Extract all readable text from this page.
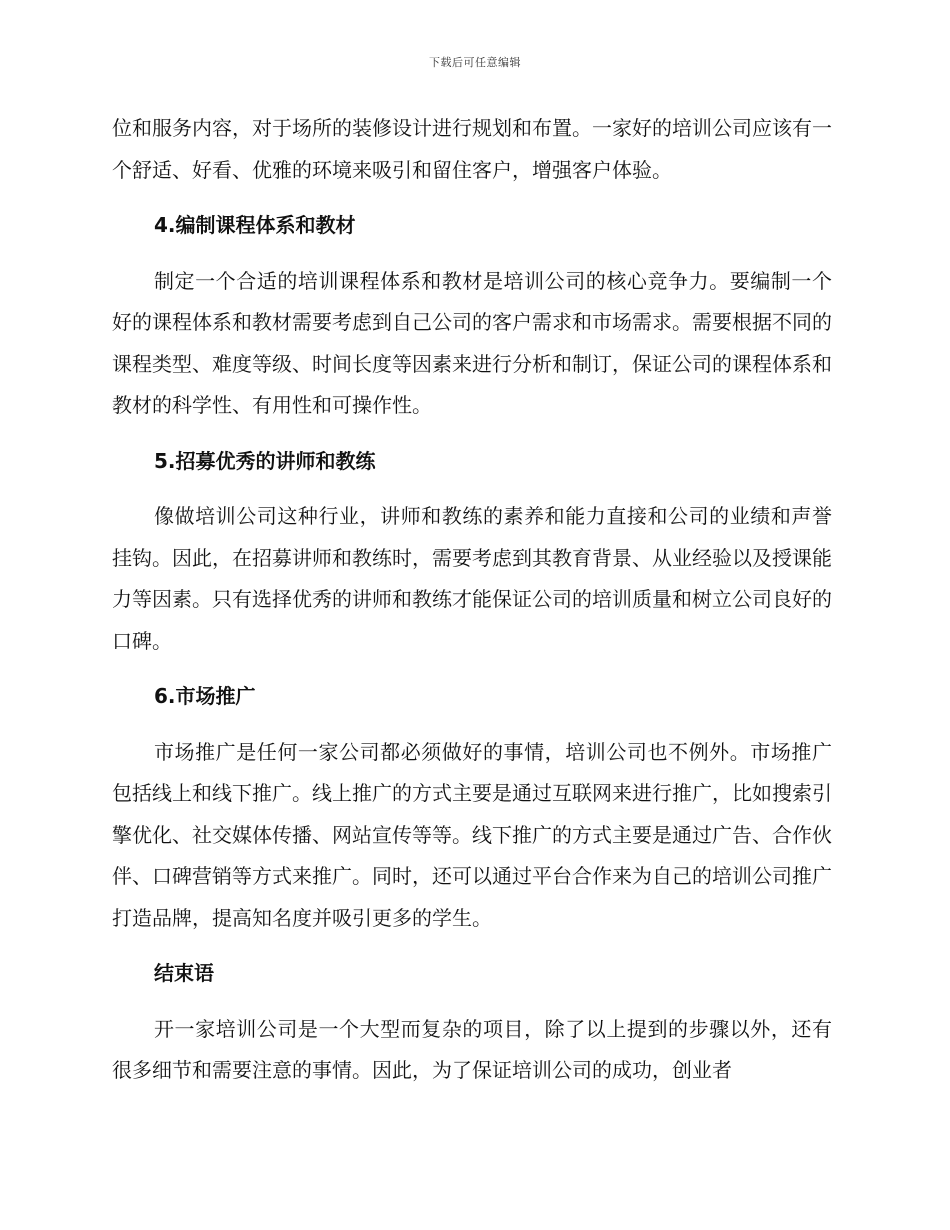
下载后可任意编辑

位和服务内容，对于场所的装修设计进行规划和布置。一家好的培训公司应该有一个舒适、好看、优雅的环境来吸引和留住客户，增强客户体验。

4.编制课程体系和教材

制定一个合适的培训课程体系和教材是培训公司的核心竞争力。要编制一个好的课程体系和教材需要考虑到自己公司的客户需求和市场需求。需要根据不同的课程类型、难度等级、时间长度等因素来进行分析和制订，保证公司的课程体系和教材的科学性、有用性和可操作性。

5.招募优秀的讲师和教练

像做培训公司这种行业，讲师和教练的素养和能力直接和公司的业绩和声誉挂钩。因此，在招募讲师和教练时，需要考虑到其教育背景、从业经验以及授课能力等因素。只有选择优秀的讲师和教练才能保证公司的培训质量和树立公司良好的口碑。

6.市场推广

市场推广是任何一家公司都必须做好的事情，培训公司也不例外。市场推广包括线上和线下推广。线上推广的方式主要是通过互联网来进行推广，比如搜索引擎优化、社交媒体传播、网站宣传等等。线下推广的方式主要是通过广告、合作伙伴、口碑营销等方式来推广。同时，还可以通过平台合作来为自己的培训公司推广打造品牌，提高知名度并吸引更多的学生。

结束语

开一家培训公司是一个大型而复杂的项目，除了以上提到的步骤以外，还有很多细节和需要注意的事情。因此，为了保证培训公司的成功，创业者
